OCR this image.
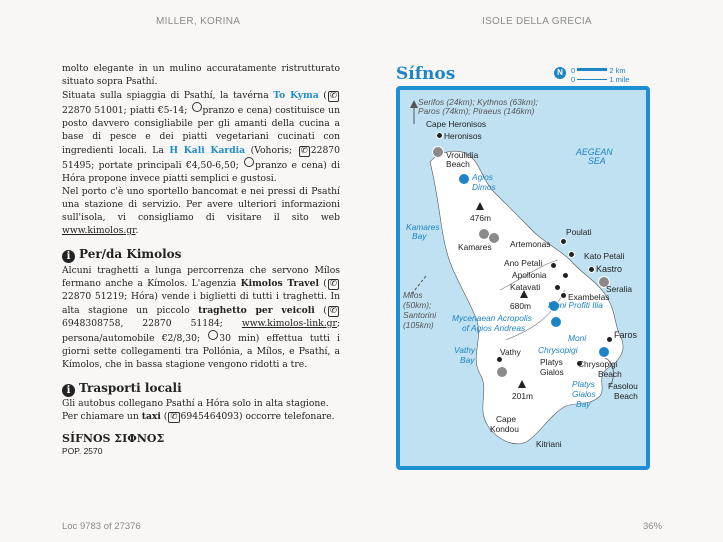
MILLER, KORINA	ISOLE DELLA GRECIA

molto elegante in un mulino accuratamente ristrutturato situato sopra Psathí.

Situata sulla spiaggia di Psathí, la tavérna To Kyma ( ✆22870 51001; piatti €5-14; pranzo e cena) costituisce un posto davvero consigliabile per gli amanti della cucina a base di pesce e dei piatti vegetariani cucinati con ingredienti locali. La H Kali Kardia (Vohoris; ✆ 22870 51495; portate principali €4,50-6,50; pranzo e cena) di Hóra propone invece piatti semplici e gustosi.

Nel porto c'è uno sportello bancomat e nei pressi di Psathí una stazione di servizio. Per avere ulteriori informazioni sull'isola, vi consigliamo di visitare il sito web www.kimolos.gr.

i Per/da Kimolos

Alcuni traghetti a lunga percorrenza che servono Mílos fermano anche a Kímolos. L'agenzia Kimolos Travel ( ✆22870 51219; Hóra) vende i biglietti di tutti i traghetti. In alta stagione un piccolo traghetto per veicoli ( ✆6948308758, 22870 51184; www.kimolos-link.gr; persona/automobile €2/8,30; 30 min) effettua tutti i giorni sette collegamenti tra Pollónia, a Mílos, e Psathí, a Kímolos, che in bassa stagione vengono ridotti a tre.

i Trasporti locali

Gli autobus collegano Psathí a Hóra solo in alta stagione.

Per chiamare un taxi ( ✆ 6945464093) occorre telefonare.

SÍFNOS ΣΙΦΝΟΣ
POP. 2570
Sífnos	N	0	2 km
0	1 mile
Serifos (24km); Kythnos (63km);
Paros (74km); Piraeus (146km)
Cape Heronisos
Heronisos
Vroulidia
Beach
Agios
Dimos
AEGEAN
SEA
476m
Kamares
Bay
Kamares
Poulati
Artemonas
Kato Petali
Ano Petali
Kastro
Apollonia
Seralia
Katavati
Exambelas
680m Moni Profiti Ilia
Milos
(50km);
Santorini
(105km)
Mycenaean Acropolis
of Agios Andreas
Moni
Chrysopigi
Faros
Vathy
Bay
Vathy
Platys
Gialos
Chrysopigi
Beach
Fasolou
Beach
Platys
Gialos
Bay
201m
Cape
Kondou
Kitriani
Loc 9783 of 27376	36%
